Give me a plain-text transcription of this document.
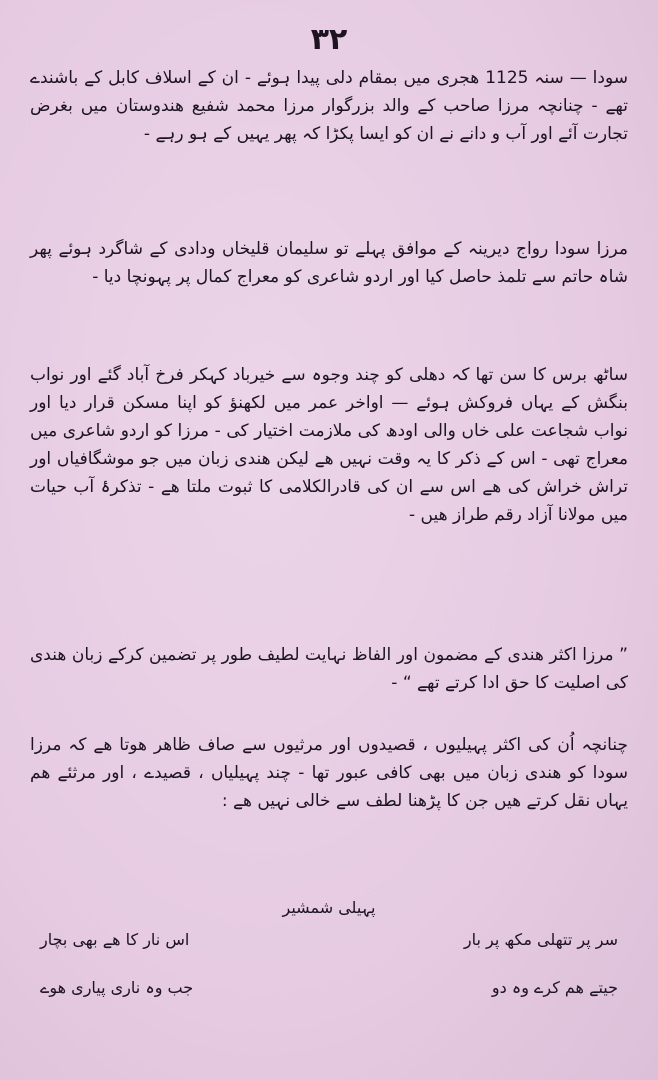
٣٢
سودا — سنہ 1125 ھجری میں بمقام دلی پیدا ہوئے - ان کے اسلاف کابل کے باشندے تھے - چنانچہ مرزا صاحب کے والد بزرگوار مرزا محمد شفیع ھندوستان میں بغرض تجارت آئے اور آب و دانے نے ان کو ایسا پکڑا کہ پھر یہیں کے ہو رہے -
مرزا سودا رواج دیرینہ کے موافق پہلے تو سلیمان قلیخاں ودادی کے شاگرد ہوئے پھر شاہ حاتم سے تلمذ حاصل کیا اور اردو شاعری کو معراج کمال پر پہونچا دیا -
ساٹھ برس کا سن تھا کہ دھلی کو چند وجوہ سے خیرباد کہکر فرخ آباد گئے اور نواب بنگش کے یہاں فروکش ہوئے — اواخر عمر میں لکھنؤ کو اپنا مسکن قرار دیا اور نواب شجاعت علی خاں والی اودھ کی ملازمت اختیار کی - مرزا کو اردو شاعری میں معراج تھی - اس کے ذکر کا یہ وقت نہیں ھے لیکن ھندی زبان میں جو موشگافیاں اور تراش خراش کی ھے اس سے ان کی قادرالکلامی کا ثبوت ملتا ھے - تذکرۂ آب حیات میں مولانا آزاد رقم طراز ھیں -
” مرزا اکثر ھندی کے مضمون اور الفاظ نہایت لطیف طور پر تضمین کرکے زبان ھندی کی اصلیت کا حق ادا کرتے تھے “ -
چنانچہ اُن کی اکثر پہیلیوں ، قصیدوں اور مرثیوں سے صاف ظاھر ھوتا ھے کہ مرزا سودا کو ھندی زبان میں بھی کافی عبور تھا - چند پہیلیاں ، قصیدے ، اور مرثئے ھم یہاں نقل کرتے ھیں جن کا پڑھنا لطف سے خالی نہیں ھے :
پہیلی شمشیر
سر پر تتھلی مکھ پر بار
اس نار کا ھے بھی بچار
جیتے ھم کرے وہ دو
جب وہ ناری پیاری ھوے
